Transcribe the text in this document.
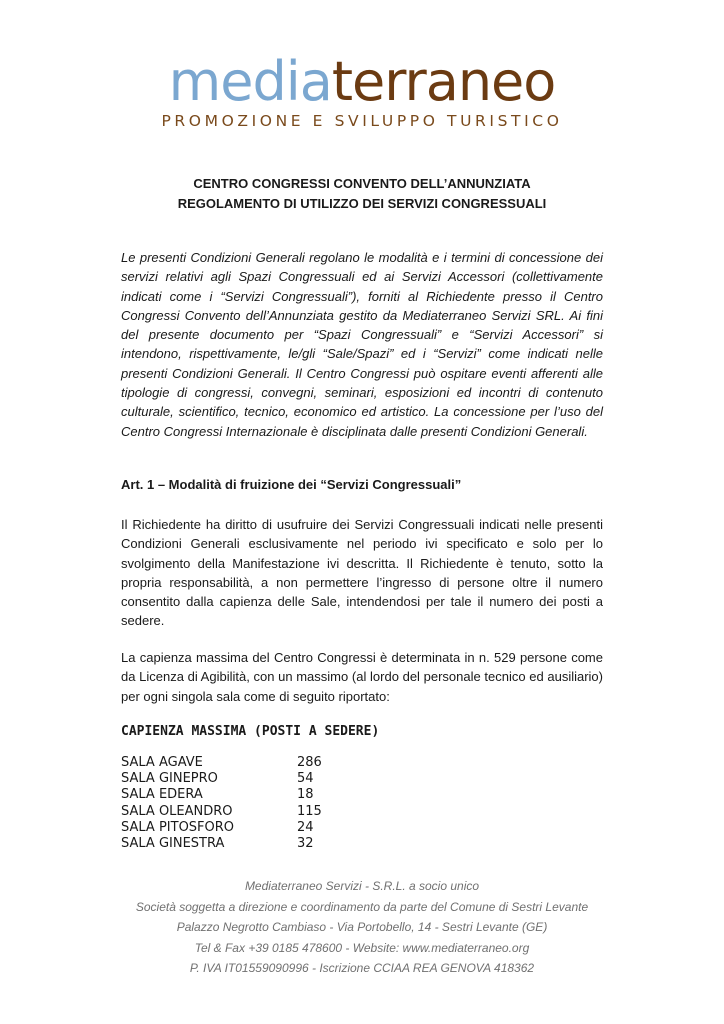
mediaterraneo
PROMOZIONE E SVILUPPO TURISTICO
CENTRO CONGRESSI CONVENTO DELL’ANNUNZIATA
REGOLAMENTO DI UTILIZZO DEI SERVIZI CONGRESSUALI

Le presenti Condizioni Generali regolano le modalità e i termini di concessione dei servizi relativi agli Spazi Congressuali ed ai Servizi Accessori (collettivamente indicati come i “Servizi Congressuali”), forniti al Richiedente presso il Centro Congressi Convento dell’Annunziata gestito da Mediaterraneo Servizi SRL. Ai fini del presente documento per “Spazi Congressuali” e “Servizi Accessori” si intendono, rispettivamente, le/gli “Sale/Spazi” ed i “Servizi” come indicati nelle presenti Condizioni Generali. Il Centro Congressi può ospitare eventi afferenti alle tipologie di congressi, convegni, seminari, esposizioni ed incontri di contenuto culturale, scientifico, tecnico, economico ed artistico. La concessione per l’uso del Centro Congressi Internazionale è disciplinata dalle presenti Condizioni Generali.

Art. 1 – Modalità di fruizione dei “Servizi Congressuali”

Il Richiedente ha diritto di usufruire dei Servizi Congressuali indicati nelle presenti Condizioni Generali esclusivamente nel periodo ivi specificato e solo per lo svolgimento della Manifestazione ivi descritta. Il Richiedente è tenuto, sotto la propria responsabilità, a non permettere l’ingresso di persone oltre il numero consentito dalla capienza delle Sale, intendendosi per tale il numero dei posti a sedere.

La capienza massima del Centro Congressi è determinata in n. 529 persone come da Licenza di Agibilità, con un massimo (al lordo del personale tecnico ed ausiliario) per ogni singola sala come di seguito riportato:

CAPIENZA MASSIMA (POSTI A SEDERE)
SALA AGAVE	286
SALA GINEPRO	54
SALA EDERA	18
SALA OLEANDRO	115
SALA PITOSFORO	24
SALA GINESTRA	32
Mediaterraneo Servizi - S.R.L. a socio unico
Società soggetta a direzione e coordinamento da parte del Comune di Sestri Levante
Palazzo Negrotto Cambiaso - Via Portobello, 14 - Sestri Levante (GE)
Tel & Fax +39 0185 478600 - Website: www.mediaterraneo.org
P. IVA IT01559090996 - Iscrizione CCIAA REA GENOVA 418362
